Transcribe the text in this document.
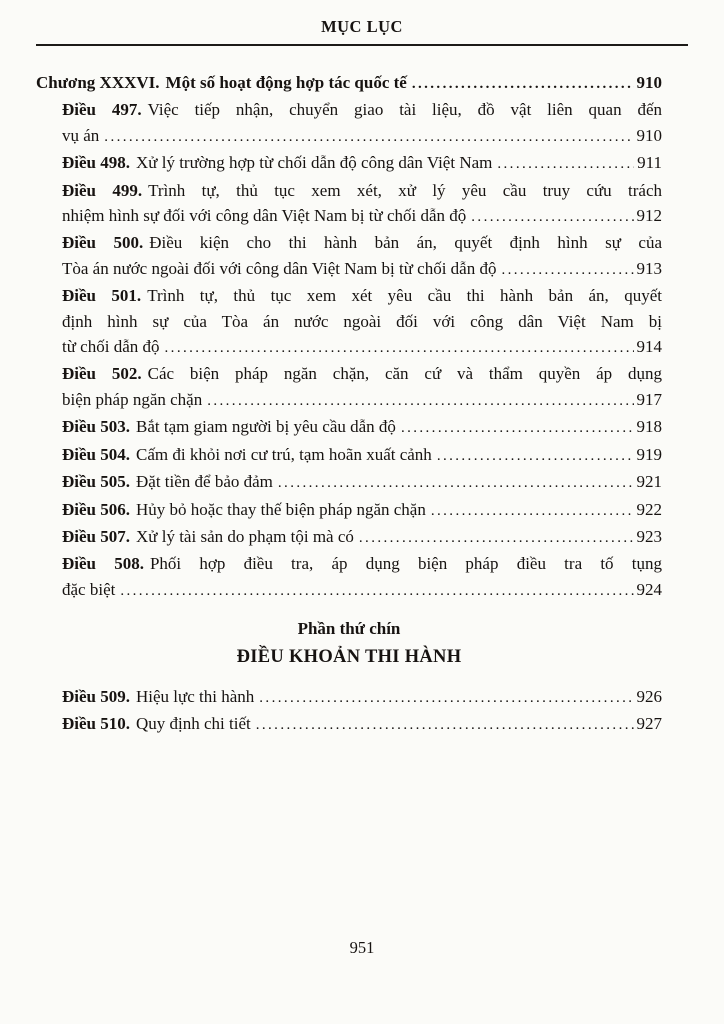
MỤC LỤC
Chương XXXVI. Một số hoạt động hợp tác quốc tế .....	910
Điều 497. Việc tiếp nhận, chuyển giao tài liệu, đồ vật liên quan đến
vụ án .....	910
Điều 498. Xử lý trường hợp từ chối dẫn độ công dân Việt Nam .....	911
Điều 499. Trình tự, thủ tục xem xét, xử lý yêu cầu truy cứu trách
nhiệm hình sự đối với công dân Việt Nam bị từ chối dẫn độ .....	912
Điều 500. Điều kiện cho thi hành bản án, quyết định hình sự của
Tòa án nước ngoài đối với công dân Việt Nam bị từ chối dẫn độ .....	913
Điều 501. Trình tự, thủ tục xem xét yêu cầu thi hành bản án, quyết
định hình sự của Tòa án nước ngoài đối với công dân Việt Nam bị
từ chối dẫn độ .....	914
Điều 502. Các biện pháp ngăn chặn, căn cứ và thẩm quyền áp dụng
biện pháp ngăn chặn .....	917
Điều 503. Bắt tạm giam người bị yêu cầu dẫn độ .....	918
Điều 504. Cấm đi khỏi nơi cư trú, tạm hoãn xuất cảnh .....	919
Điều 505. Đặt tiền để bảo đảm .....	921
Điều 506. Hủy bỏ hoặc thay thế biện pháp ngăn chặn .....	922
Điều 507. Xử lý tài sản do phạm tội mà có .....	923
Điều 508. Phối hợp điều tra, áp dụng biện pháp điều tra tố tụng
đặc biệt .....	924
Phần thứ chín
ĐIỀU KHOẢN THI HÀNH
Điều 509. Hiệu lực thi hành .....	926
Điều 510. Quy định chi tiết .....	927
951
